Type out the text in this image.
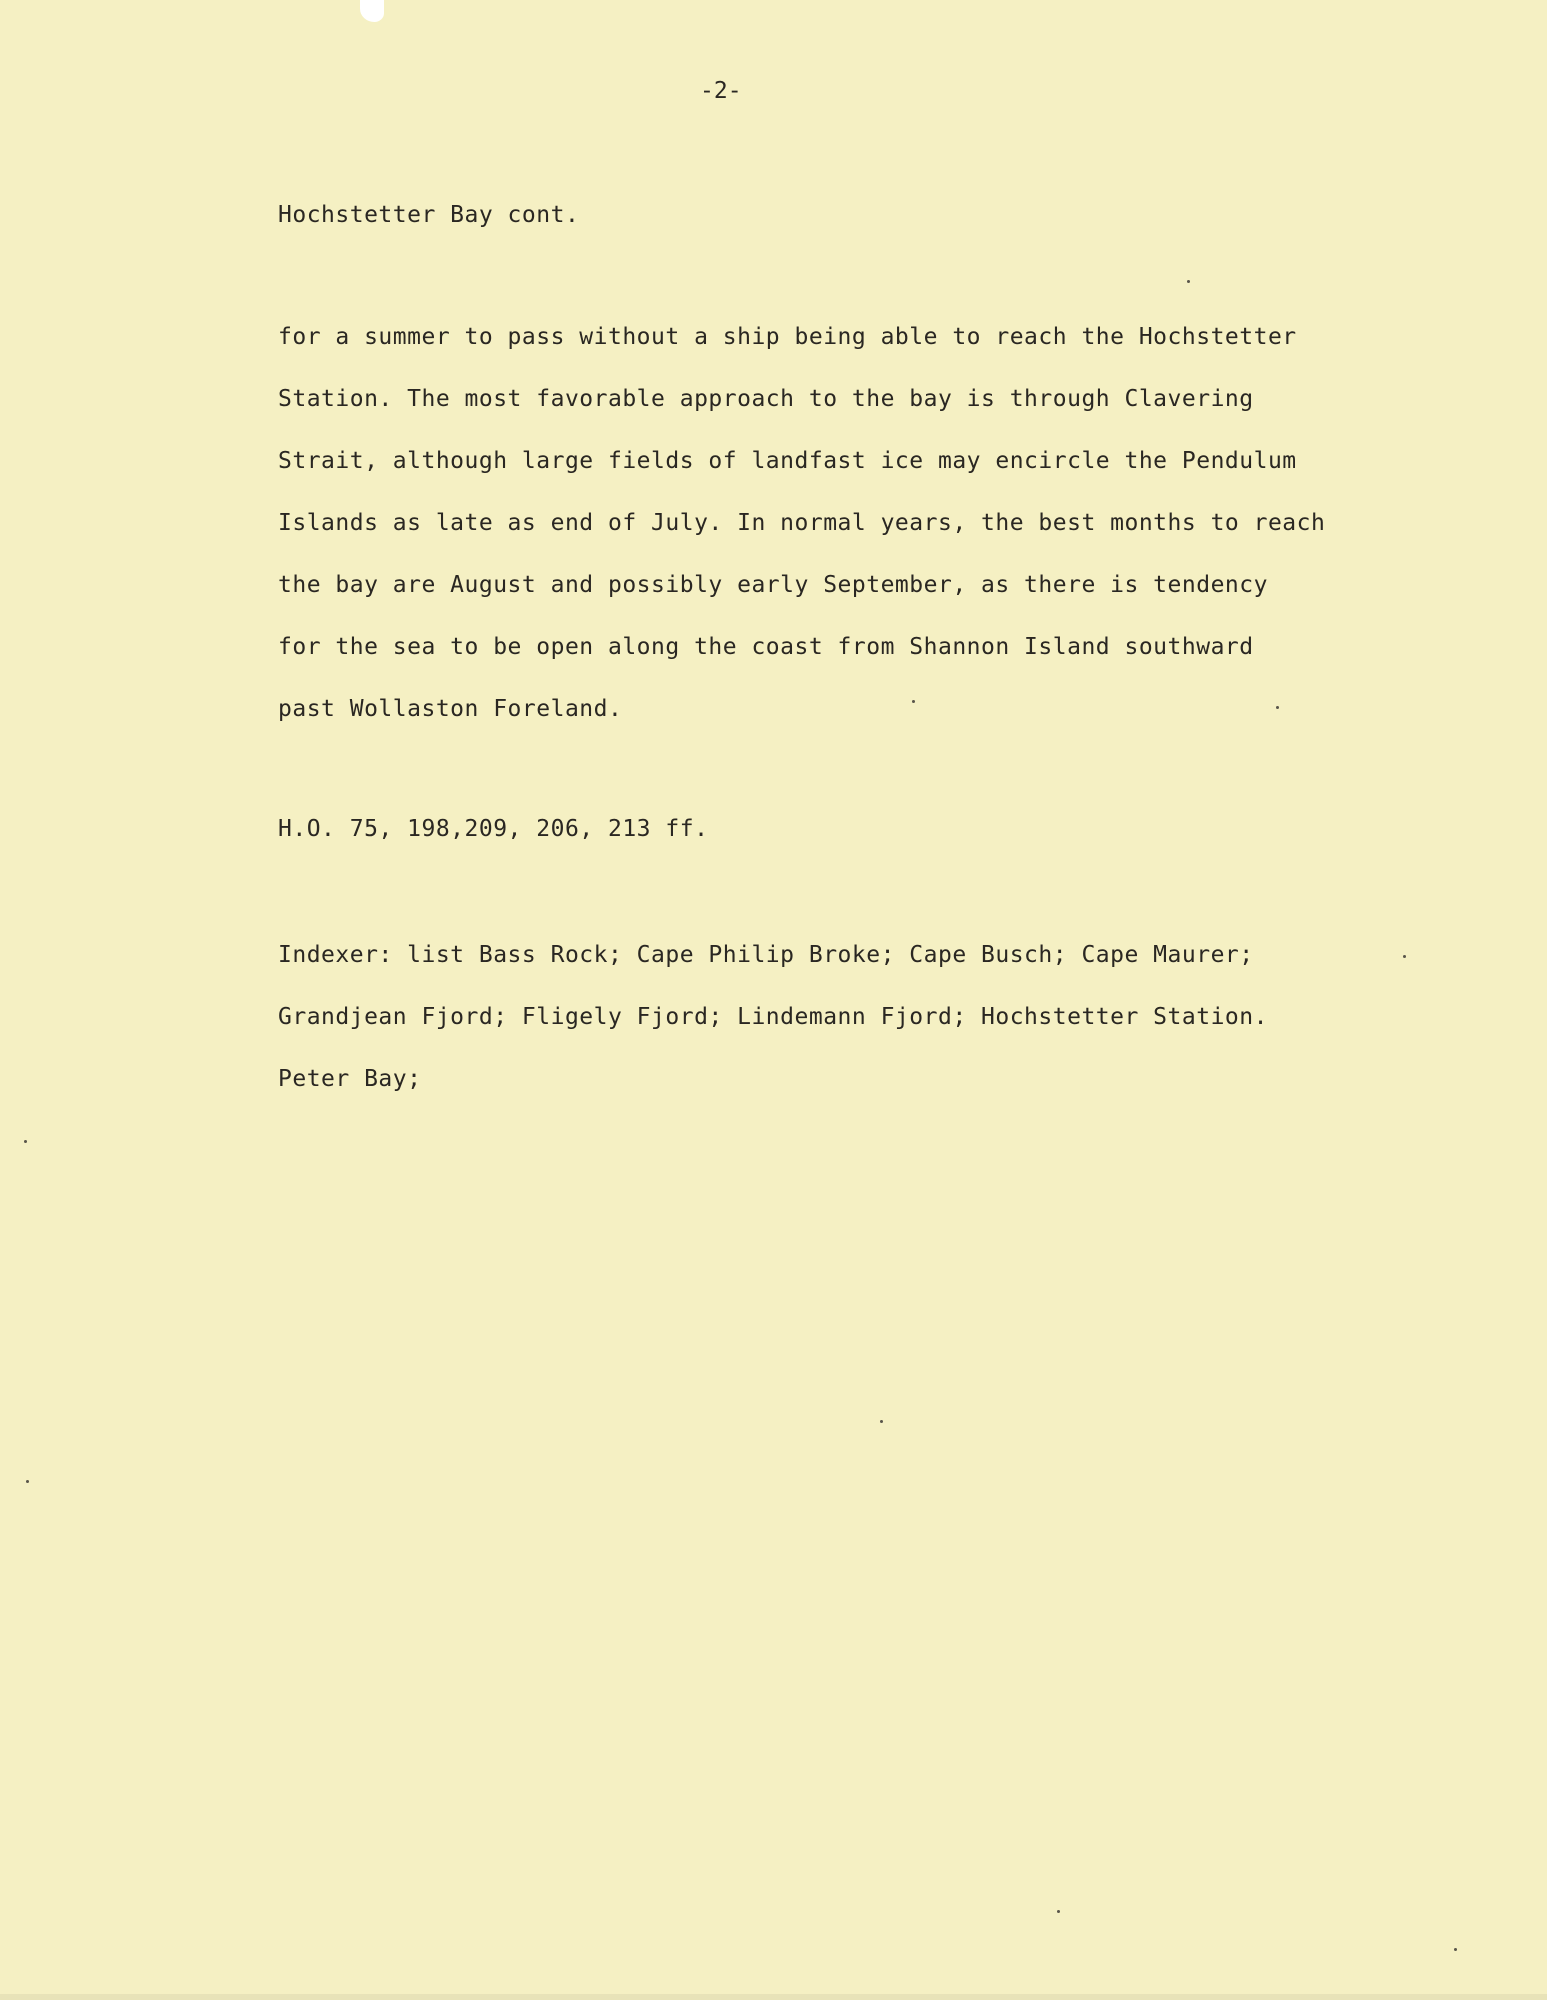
-2-
Hochstetter Bay cont.
for a summer to pass without a ship being able to reach the Hochstetter
Station. The most favorable approach to the bay is through Clavering
Strait, although large fields of landfast ice may encircle the Pendulum
Islands as late as end of July. In normal years, the best months to reach
the bay are August and possibly early September, as there is tendency
for the sea to be open along the coast from Shannon Island southward
past Wollaston Foreland.
H.O. 75, 198,209, 206, 213 ff.
Indexer: list Bass Rock; Cape Philip Broke; Cape Busch; Cape Maurer;
Grandjean Fjord; Fligely Fjord; Lindemann Fjord; Hochstetter Station.
Peter Bay;
